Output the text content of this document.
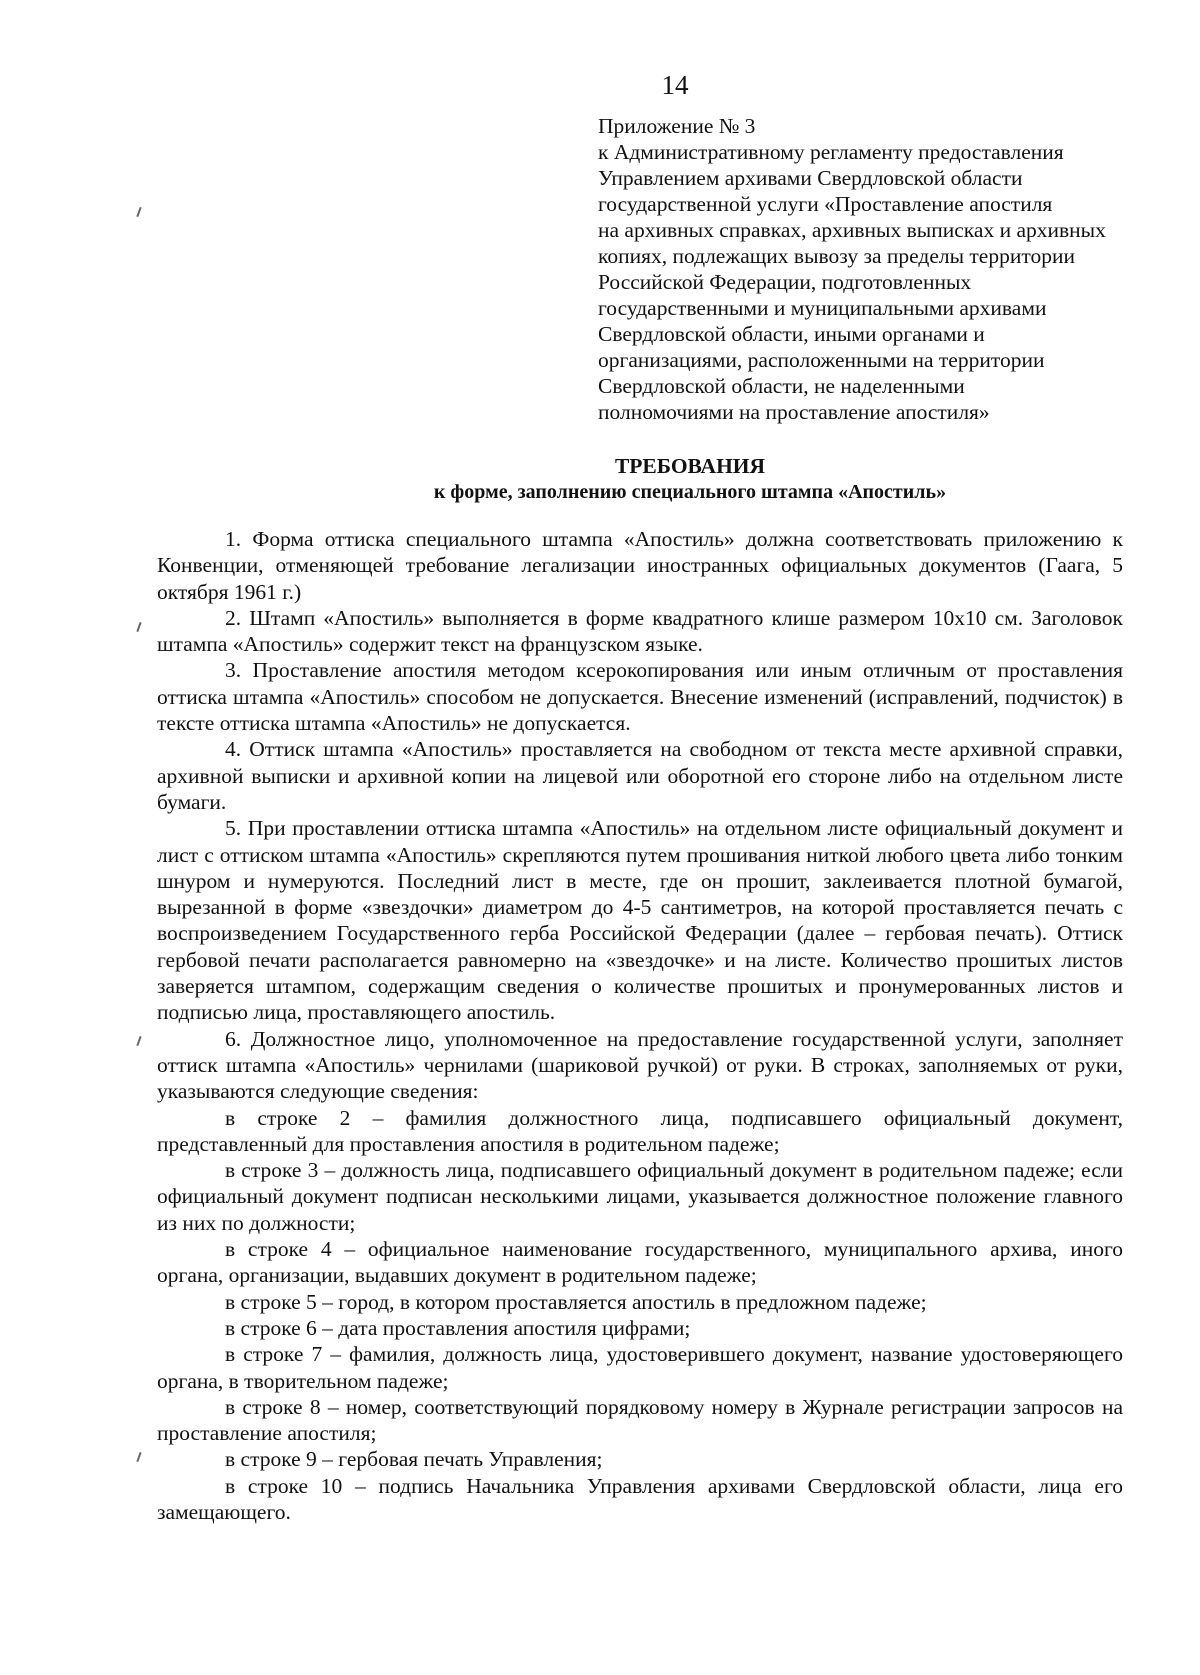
14
Приложение № 3
к Административному регламенту предоставления
Управлением архивами Свердловской области
государственной услуги «Проставление апостиля
на архивных справках, архивных выписках и архивных
копиях, подлежащих вывозу за пределы территории
Российской Федерации, подготовленных
государственными и муниципальными архивами
Свердловской области, иными органами и
организациями, расположенными на территории
Свердловской области, не наделенными
полномочиями на проставление апостиля»
ТРЕБОВАНИЯ
к форме, заполнению специального штампа «Апостиль»

1. Форма оттиска специального штампа «Апостиль» должна соответствовать приложению к Конвенции, отменяющей требование легализации иностранных официальных документов (Гаага, 5 октября 1961 г.)

2. Штамп «Апостиль» выполняется в форме квадратного клише размером 10x10 см. Заголовок штампа «Апостиль» содержит текст на французском языке.

3. Проставление апостиля методом ксерокопирования или иным отличным от проставления оттиска штампа «Апостиль» способом не допускается. Внесение изменений (исправлений, подчисток) в тексте оттиска штампа «Апостиль» не допускается.

4. Оттиск штампа «Апостиль» проставляется на свободном от текста месте архивной справки, архивной выписки и архивной копии на лицевой или оборотной его стороне либо на отдельном листе бумаги.

5. При проставлении оттиска штампа «Апостиль» на отдельном листе официальный документ и лист с оттиском штампа «Апостиль» скрепляются путем прошивания ниткой любого цвета либо тонким шнуром и нумеруются. Последний лист в месте, где он прошит, заклеивается плотной бумагой, вырезанной в форме «звездочки» диаметром до 4-5 сантиметров, на которой проставляется печать с воспроизведением Государственного герба Российской Федерации (далее – гербовая печать). Оттиск гербовой печати располагается равномерно на «звездочке» и на листе. Количество прошитых листов заверяется штампом, содержащим сведения о количестве прошитых и пронумерованных листов и подписью лица, проставляющего апостиль.

6. Должностное лицо, уполномоченное на предоставление государственной услуги, заполняет оттиск штампа «Апостиль» чернилами (шариковой ручкой) от руки. В строках, заполняемых от руки, указываются следующие сведения:

в строке 2 – фамилия должностного лица, подписавшего официальный документ, представленный для проставления апостиля в родительном падеже;

в строке 3 – должность лица, подписавшего официальный документ в родительном падеже; если официальный документ подписан несколькими лицами, указывается должностное положение главного из них по должности;

в строке 4 – официальное наименование государственного, муниципального архива, иного органа, организации, выдавших документ в родительном падеже;

в строке 5 – город, в котором проставляется апостиль в предложном падеже;

в строке 6 – дата проставления апостиля цифрами;

в строке 7 – фамилия, должность лица, удостоверившего документ, название удостоверяющего органа, в творительном падеже;

в строке 8 – номер, соответствующий порядковому номеру в Журнале регистрации запросов на проставление апостиля;

в строке 9 – гербовая печать Управления;

в строке 10 – подпись Начальника Управления архивами Свердловской области, лица его замещающего.
